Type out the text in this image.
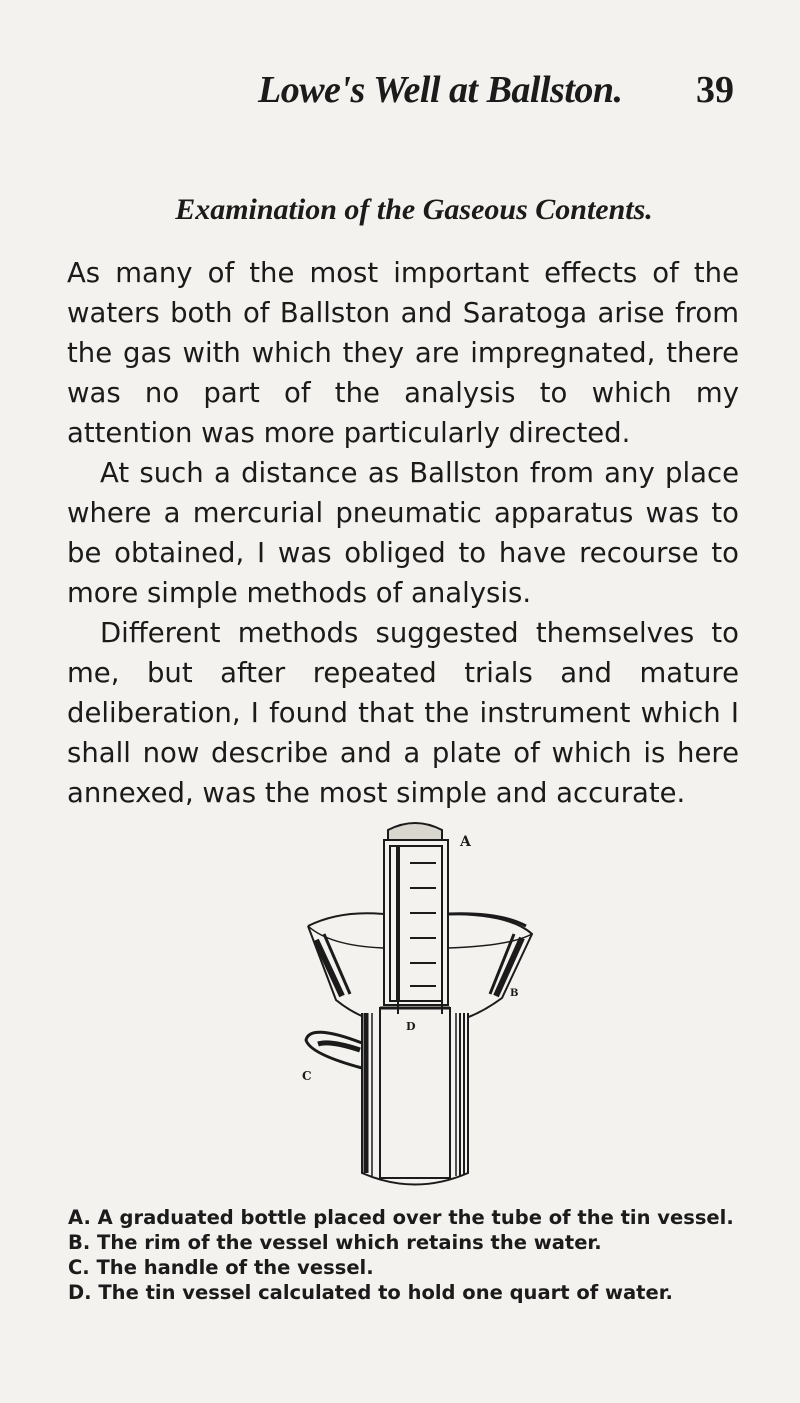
Lowe's Well at Ballston. 39
Examination of the Gaseous Contents.

As many of the most important effects of the waters both of Ballston and Saratoga arise from the gas with which they are impregnated, there was no part of the analysis to which my attention was more particularly directed.

At such a distance as Ballston from any place where a mercurial pneumatic apparatus was to be obtained, I was obliged to have recourse to more simple methods of analysis.

Different methods suggested themselves to me, but after repeated trials and mature deliberation, I found that the instrument which I shall now describe and a plate of which is here annexed, was the most simple and accurate.

A
B
C
D
A. A graduated bottle placed over the tube of the tin vessel.
B. The rim of the vessel which retains the water.
C. The handle of the vessel.
D. The tin vessel calculated to hold one quart of water.
